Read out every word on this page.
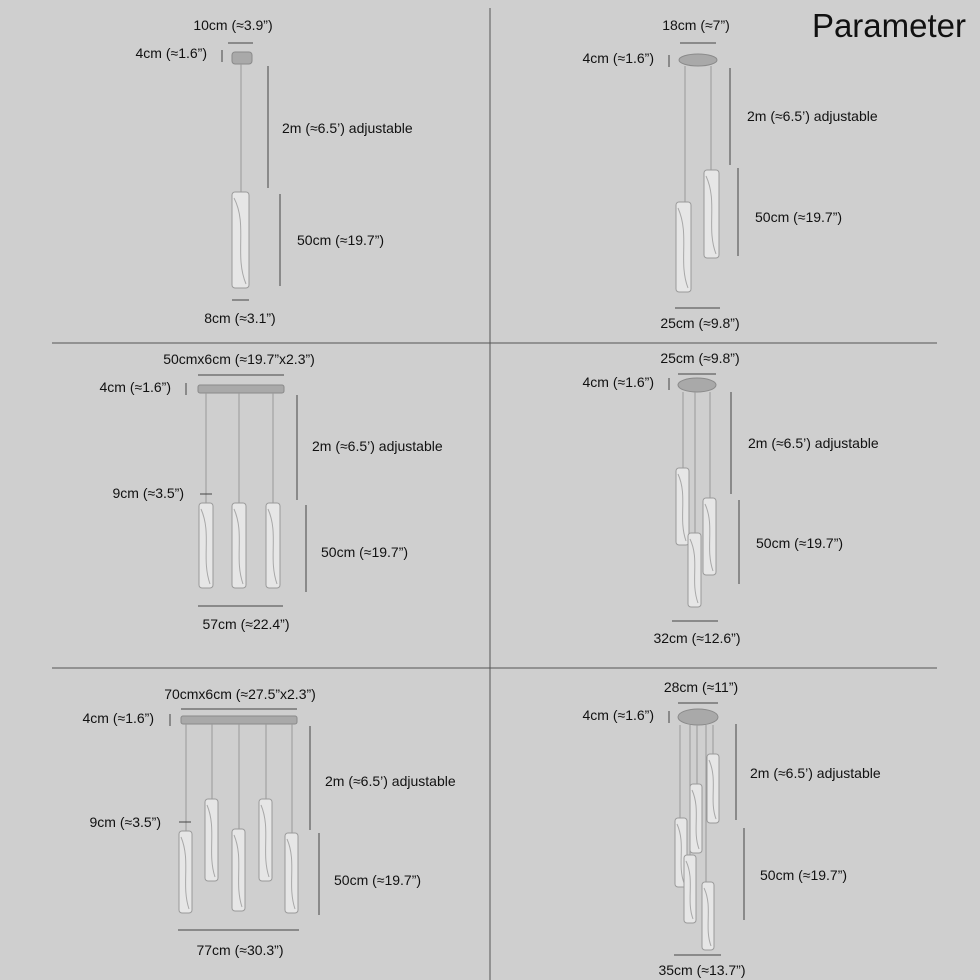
Parameter
10cm (≈3.9”)
4cm (≈1.6”)
2m (≈6.5’) adjustable
50cm (≈19.7”)
8cm (≈3.1”)
18cm (≈7”)
4cm (≈1.6”)
2m (≈6.5’) adjustable
50cm (≈19.7”)
25cm (≈9.8”)
50cmx6cm (≈19.7”x2.3”)
4cm (≈1.6”)
2m (≈6.5’) adjustable
9cm (≈3.5”)
50cm (≈19.7”)
57cm (≈22.4”)
25cm (≈9.8”)
4cm (≈1.6”)
2m (≈6.5’) adjustable
50cm (≈19.7”)
32cm (≈12.6”)
70cmx6cm (≈27.5”x2.3”)
4cm (≈1.6”)
2m (≈6.5’) adjustable
9cm (≈3.5”)
50cm (≈19.7”)
77cm (≈30.3”)
28cm (≈11”)
4cm (≈1.6”)
2m (≈6.5’) adjustable
50cm (≈19.7”)
35cm (≈13.7”)
